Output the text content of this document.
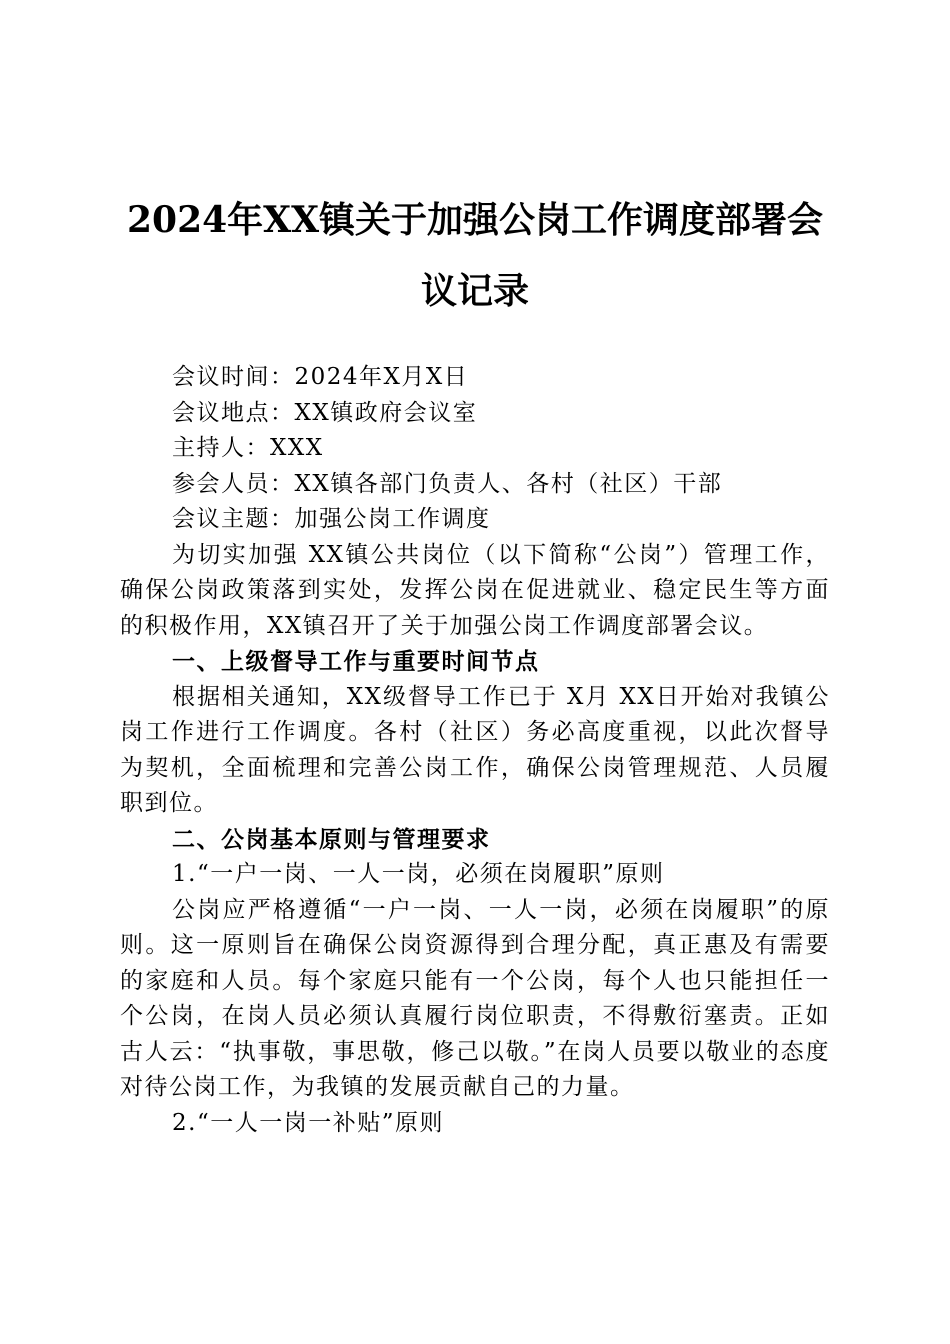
2024年XX镇关于加强公岗工作调度部署会
议记录

会议时间：2024年X月X日

会议地点：XX镇政府会议室

主持人：XXX

参会人员：XX镇各部门负责人、各村（社区）干部

会议主题：加强公岗工作调度

为切实加强 XX镇公共岗位（以下简称“公岗”）管理工作，确保公岗政策落到实处，发挥公岗在促进就业、稳定民生等方面的积极作用，XX镇召开了关于加强公岗工作调度部署会议。

一、上级督导工作与重要时间节点

根据相关通知，XX级督导工作已于 X月 XX日开始对我镇公岗工作进行工作调度。各村（社区）务必高度重视，以此次督导为契机，全面梳理和完善公岗工作，确保公岗管理规范、人员履职到位。

二、公岗基本原则与管理要求

1.“一户一岗、一人一岗，必须在岗履职”原则

公岗应严格遵循“一户一岗、一人一岗，必须在岗履职”的原则。这一原则旨在确保公岗资源得到合理分配，真正惠及有需要的家庭和人员。每个家庭只能有一个公岗，每个人也只能担任一个公岗，在岗人员必须认真履行岗位职责，不得敷衍塞责。正如古人云：“执事敬，事思敬，修己以敬。”在岗人员要以敬业的态度对待公岗工作，为我镇的发展贡献自己的力量。

2.“一人一岗一补贴”原则
